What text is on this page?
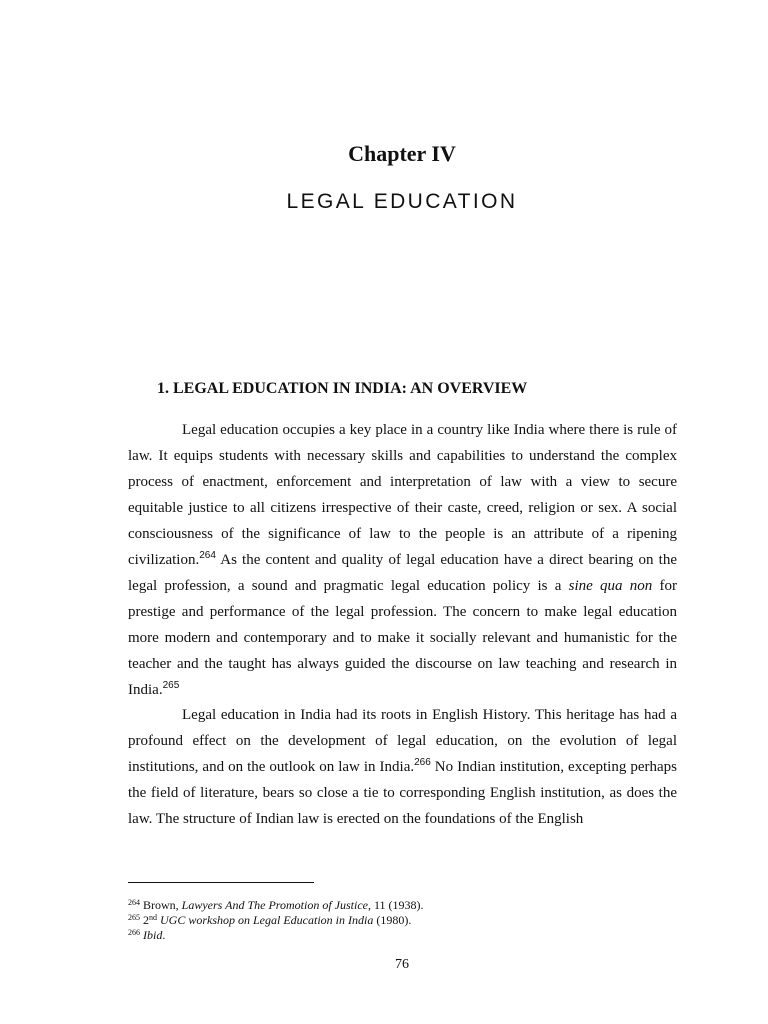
Chapter IV
LEGAL EDUCATION
1. LEGAL EDUCATION IN INDIA: AN OVERVIEW

Legal education occupies a key place in a country like India where there is rule of law. It equips students with necessary skills and capabilities to understand the complex process of enactment, enforcement and interpretation of law with a view to secure equitable justice to all citizens irrespective of their caste, creed, religion or sex. A social consciousness of the significance of law to the people is an attribute of a ripening civilization.$^{264}$ As the content and quality of legal education have a direct bearing on the legal profession, a sound and pragmatic legal education policy is a sine qua non for prestige and performance of the legal profession. The concern to make legal education more modern and contemporary and to make it socially relevant and humanistic for the teacher and the taught has always guided the discourse on law teaching and research in India.$^{265}$

Legal education in India had its roots in English History. This heritage has had a profound effect on the development of legal education, on the evolution of legal institutions, and on the outlook on law in India.$^{266}$ No Indian institution, excepting perhaps the field of literature, bears so close a tie to corresponding English institution, as does the law. The structure of Indian law is erected on the foundations of the English

$^{264}$ Brown, Lawyers And The Promotion of Justice, 11 (1938).
$^{265}$ 2nd UGC workshop on Legal Education in India (1980).
$^{266}$ Ibid.
76
